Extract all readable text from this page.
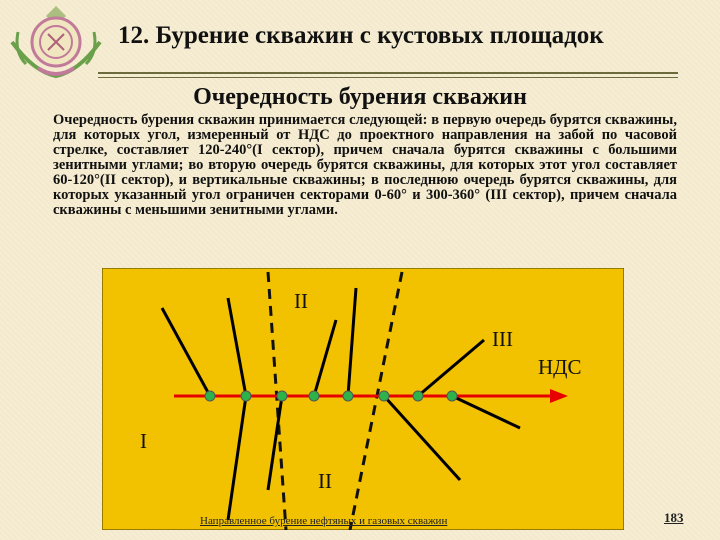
12. Бурение скважин с кустовых площадок
Очередность бурения скважин
Очередность бурения скважин принимается следующей: в первую очередь бурятся скважины, для которых угол, измеренный от НДС до проектного направления на забой по часовой стрелке, составляет 120-240°(I сектор), причем сначала бурятся скважины с большими зенитными углами; во вторую очередь бурятся скважины, для которых этот угол составляет 60-120°(II сектор), и вертикальные скважины; в последнюю очередь бурятся скважины, для которых указанный угол ограничен секторами 0-60° и 300-360° (III сектор), причем сначала скважины с меньшими зенитными углами.
II
III
НДС
I
II
Направленное бурение нефтяных и газовых скважин	183
